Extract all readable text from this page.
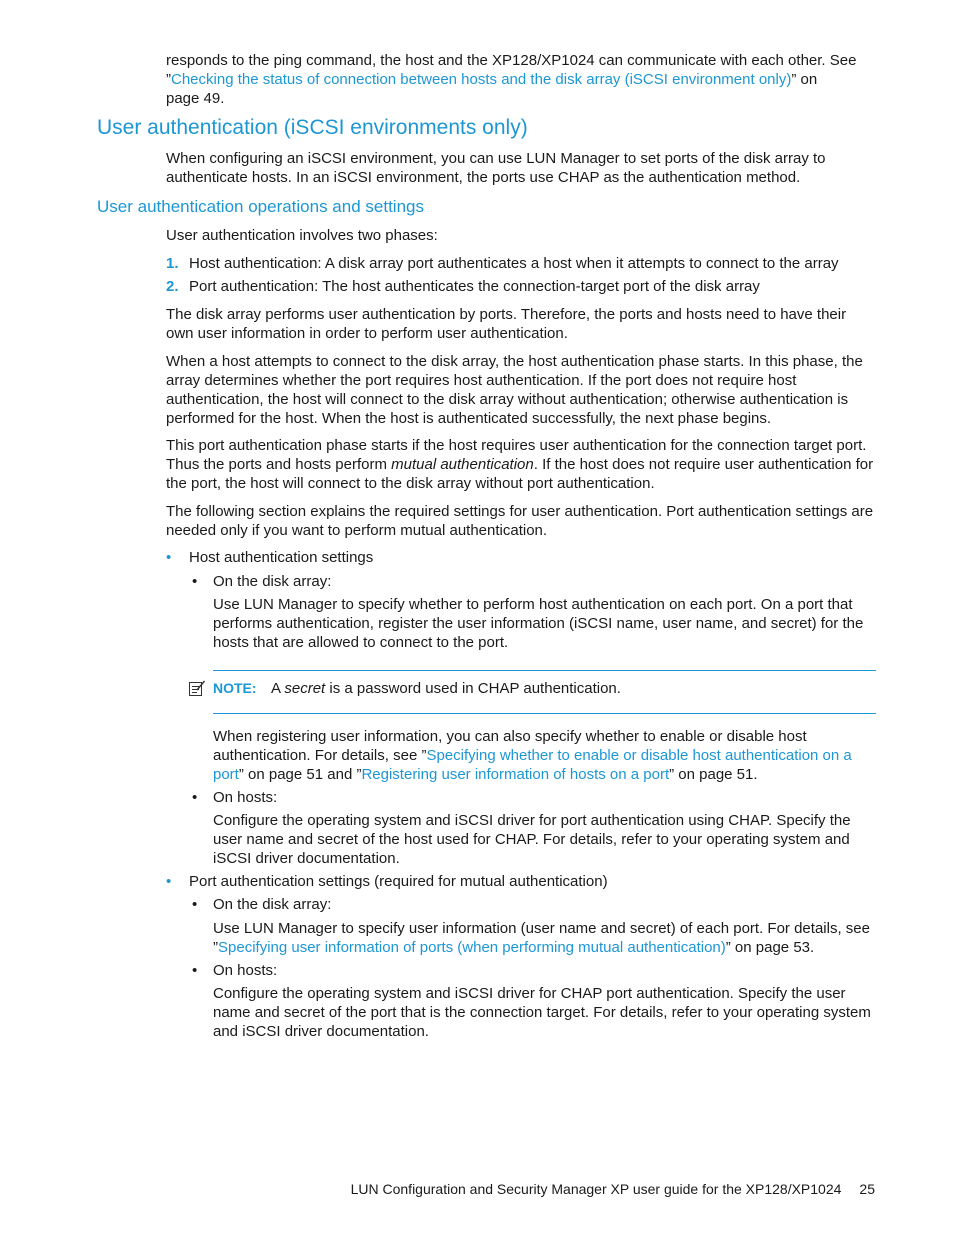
responds to the ping command, the host and the XP128/XP1024 can communicate with each other. See

”Checking the status of connection between hosts and the disk array (iSCSI environment only)” on

page 49.

User authentication (iSCSI environments only)

When configuring an iSCSI environment, you can use LUN Manager to set ports of the disk array to authenticate hosts. In an iSCSI environment, the ports use CHAP as the authentication method.

User authentication operations and settings

User authentication involves two phases:

1. Host authentication: A disk array port authenticates a host when it attempts to connect to the array
2. Port authentication: The host authenticates the connection-target port of the disk array

The disk array performs user authentication by ports. Therefore, the ports and hosts need to have their own user information in order to perform user authentication.

When a host attempts to connect to the disk array, the host authentication phase starts. In this phase, the array determines whether the port requires host authentication. If the port does not require host authentication, the host will connect to the disk array without authentication; otherwise authentication is performed for the host. When the host is authenticated successfully, the next phase begins.

This port authentication phase starts if the host requires user authentication for the connection target port. Thus the ports and hosts perform mutual authentication. If the host does not require user authentication for the port, the host will connect to the disk array without port authentication.

The following section explains the required settings for user authentication. Port authentication settings are needed only if you want to perform mutual authentication.

• Host authentication settings
• On the disk array:

Use LUN Manager to specify whether to perform host authentication on each port. On a port that performs authentication, register the user information (iSCSI name, user name, and secret) for the hosts that are allowed to connect to the port.

NOTE: A secret is a password used in CHAP authentication.

When registering user information, you can also specify whether to enable or disable host authentication. For details, see ”Specifying whether to enable or disable host authentication on a port” on page 51 and ”Registering user information of hosts on a port” on page 51.

• On hosts:

Configure the operating system and iSCSI driver for port authentication using CHAP. Specify the user name and secret of the host used for CHAP. For details, refer to your operating system and iSCSI driver documentation.

• Port authentication settings (required for mutual authentication)
• On the disk array:

Use LUN Manager to specify user information (user name and secret) of each port. For details, see ”Specifying user information of ports (when performing mutual authentication)” on page 53.

• On hosts:

Configure the operating system and iSCSI driver for CHAP port authentication. Specify the user name and secret of the port that is the connection target. For details, refer to your operating system and iSCSI driver documentation.

LUN Configuration and Security Manager XP user guide for the XP128/XP1024 25
